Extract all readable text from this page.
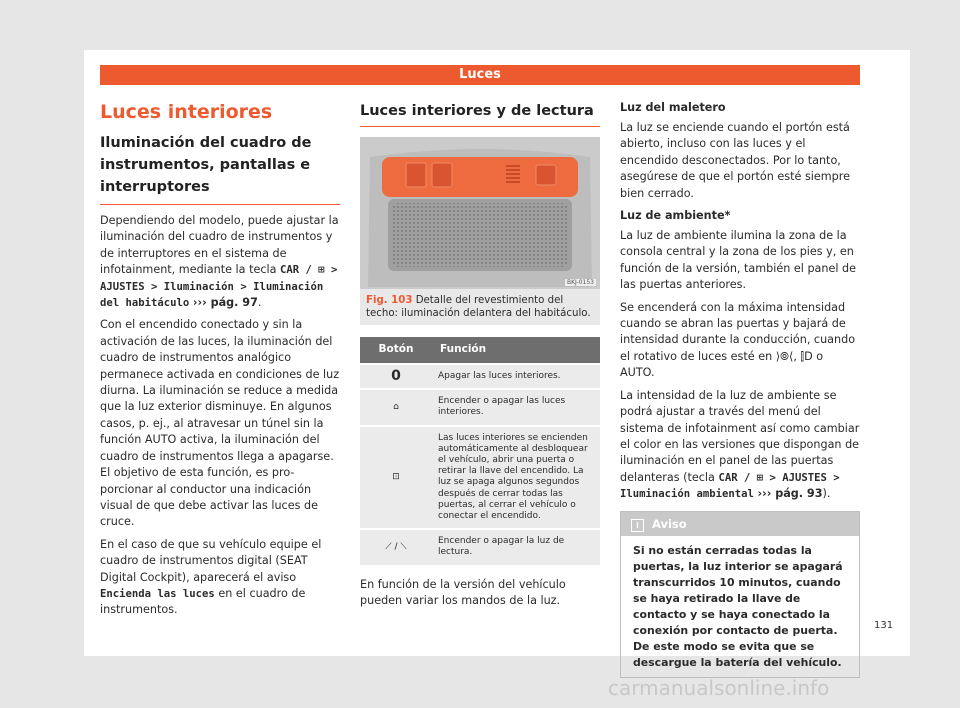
Luces
Luces interiores
Iluminación del cuadro de instrumentos, pantallas e interruptores

Dependiendo del modelo, puede ajustar la iluminación del cuadro de instrumentos y de interruptores en el sistema de infotainment, mediante la tecla CAR / ⊞ > AJUSTES > Iluminación > Iluminación del habitáculo ››› pág. 97.

Con el encendido conectado y sin la activación de las luces, la iluminación del cuadro de instrumentos analógico permanece activada en condiciones de luz diurna. La iluminación se reduce a medida que la luz exterior disminuye. En algunos casos, p. ej., al atravesar un túnel sin la función AUTO activa, la iluminación del cuadro de instrumentos llega a apagarse. El objetivo de esta función, es proporcionar al conductor una indicación visual de que debe activar las luces de cruce.

En el caso de que su vehículo equipe el cuadro de instrumentos digital (SEAT Digital Cockpit), aparecerá el aviso Encienda las luces en el cuadro de instrumentos.

Luces interiores y de lectura
BKJ-0153
Fig. 103 Detalle del revestimiento del techo: iluminación delantera del habitáculo.
Botón	Función
0	Apagar las luces interiores.
⌂	Encender o apagar las luces interiores.
⊡	Las luces interiores se encienden automáticamente al desbloquear el vehículo, abrir una puerta o retirar la llave del encendido. La luz se apaga algunos segundos después de cerrar todas las puertas, al cerrar el vehículo o conectar el encendido.
⟋ / ⟍	Encender o apagar la luz de lectura.

En función de la versión del vehículo pueden variar los mandos de la luz.

Luz del maletero

La luz se enciende cuando el portón está abierto, incluso con las luces y el encendido desconectados. Por lo tanto, asegúrese de que el portón esté siempre bien cerrado.

Luz de ambiente*

La luz de ambiente ilumina la zona de la consola central y la zona de los pies y, en función de la versión, también el panel de las puertas anteriores.

Se encenderá con la máxima intensidad cuando se abran las puertas y bajará de intensidad durante la conducción, cuando el rotativo de luces esté en ⟩⦾⟨, ⫿D o AUTO.

La intensidad de la luz de ambiente se podrá ajustar a través del menú del sistema de infotainment así como cambiar el color en las versiones que dispongan de iluminación en el panel de las puertas delanteras (tecla CAR / ⊞ > AJUSTES > Iluminación ambiental ››› pág. 93).

i Aviso
Si no están cerradas todas la puertas, la luz interior se apagará transcurridos 10 minutos, cuando se haya retirado la llave de contacto y se haya conectado la conexión por contacto de puerta. De este modo se evita que se descargue la batería del vehículo.
131
carmanualsonline.info
